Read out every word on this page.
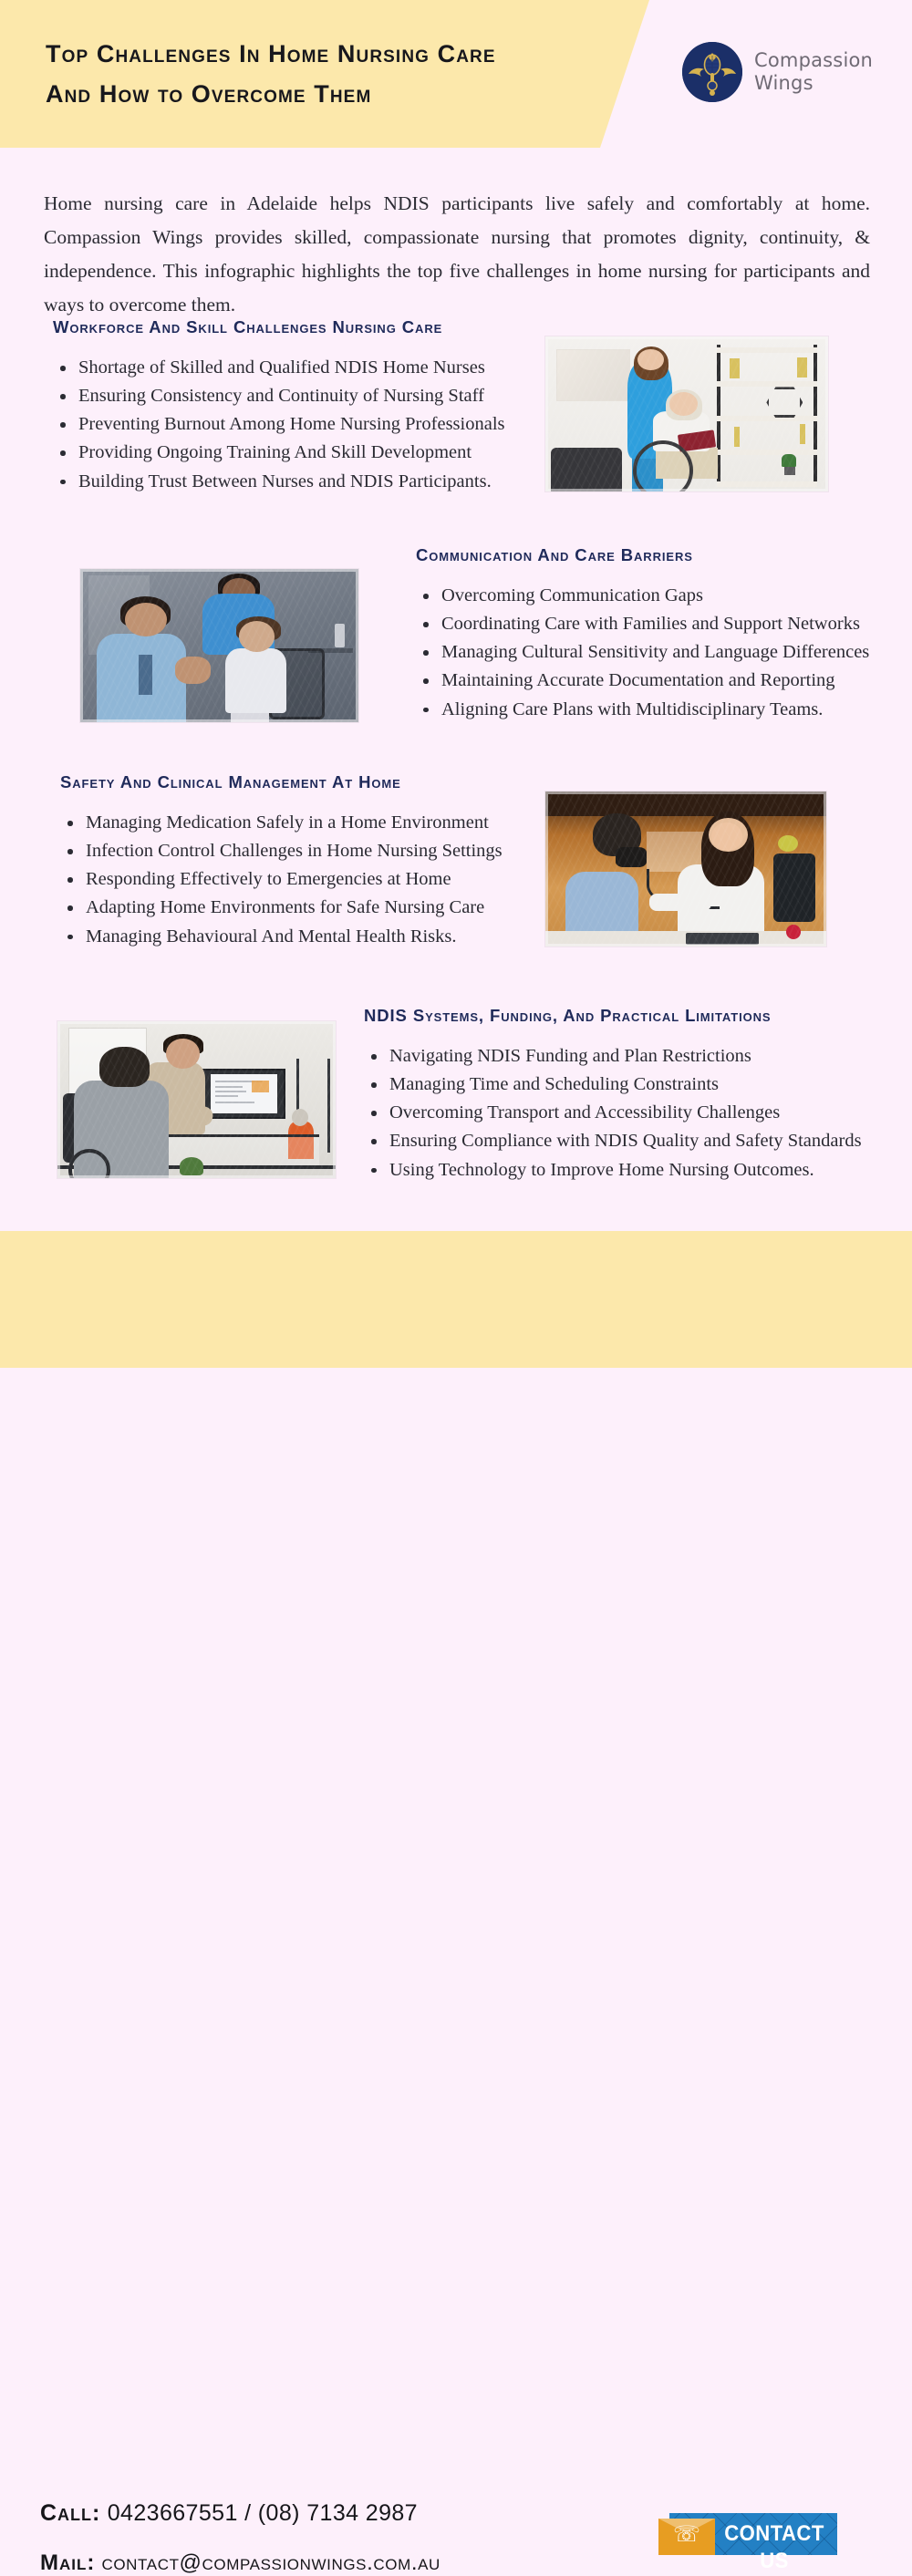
Top Challenges In Home Nursing Care
And How to Overcome Them
Compassion
Wings

Home nursing care in Adelaide helps NDIS participants live safely and comfortably at home. Compassion Wings provides skilled, compassionate nursing that promotes dignity, continuity, & independence. This infographic highlights the top five challenges in home nursing for participants and ways to overcome them.

Workforce And Skill Challenges Nursing Care
Shortage of Skilled and Qualified NDIS Home Nurses
Ensuring Consistency and Continuity of Nursing Staff
Preventing Burnout Among Home Nursing Professionals
Providing Ongoing Training And Skill Development
Building Trust Between Nurses and NDIS Participants.
Communication And Care Barriers
Overcoming Communication Gaps
Coordinating Care with Families and Support Networks
Managing Cultural Sensitivity and Language Differences
Maintaining Accurate Documentation and Reporting
Aligning Care Plans with Multidisciplinary Teams.
Safety And Clinical Management At Home
Managing Medication Safely in a Home Environment
Infection Control Challenges in Home Nursing Settings
Responding Effectively to Emergencies at Home
Adapting Home Environments for Safe Nursing Care
Managing Behavioural And Mental Health Risks.
NDIS Systems, Funding, And Practical Limitations
Navigating NDIS Funding and Plan Restrictions
Managing Time and Scheduling Constraints
Overcoming Transport and Accessibility Challenges
Ensuring Compliance with NDIS Quality and Safety Standards
Using Technology to Improve Home Nursing Outcomes.
Call: 0423667551 / (08) 7134 2987
Mail: contact@compassionwings.com.au
☏ CONTACT US
